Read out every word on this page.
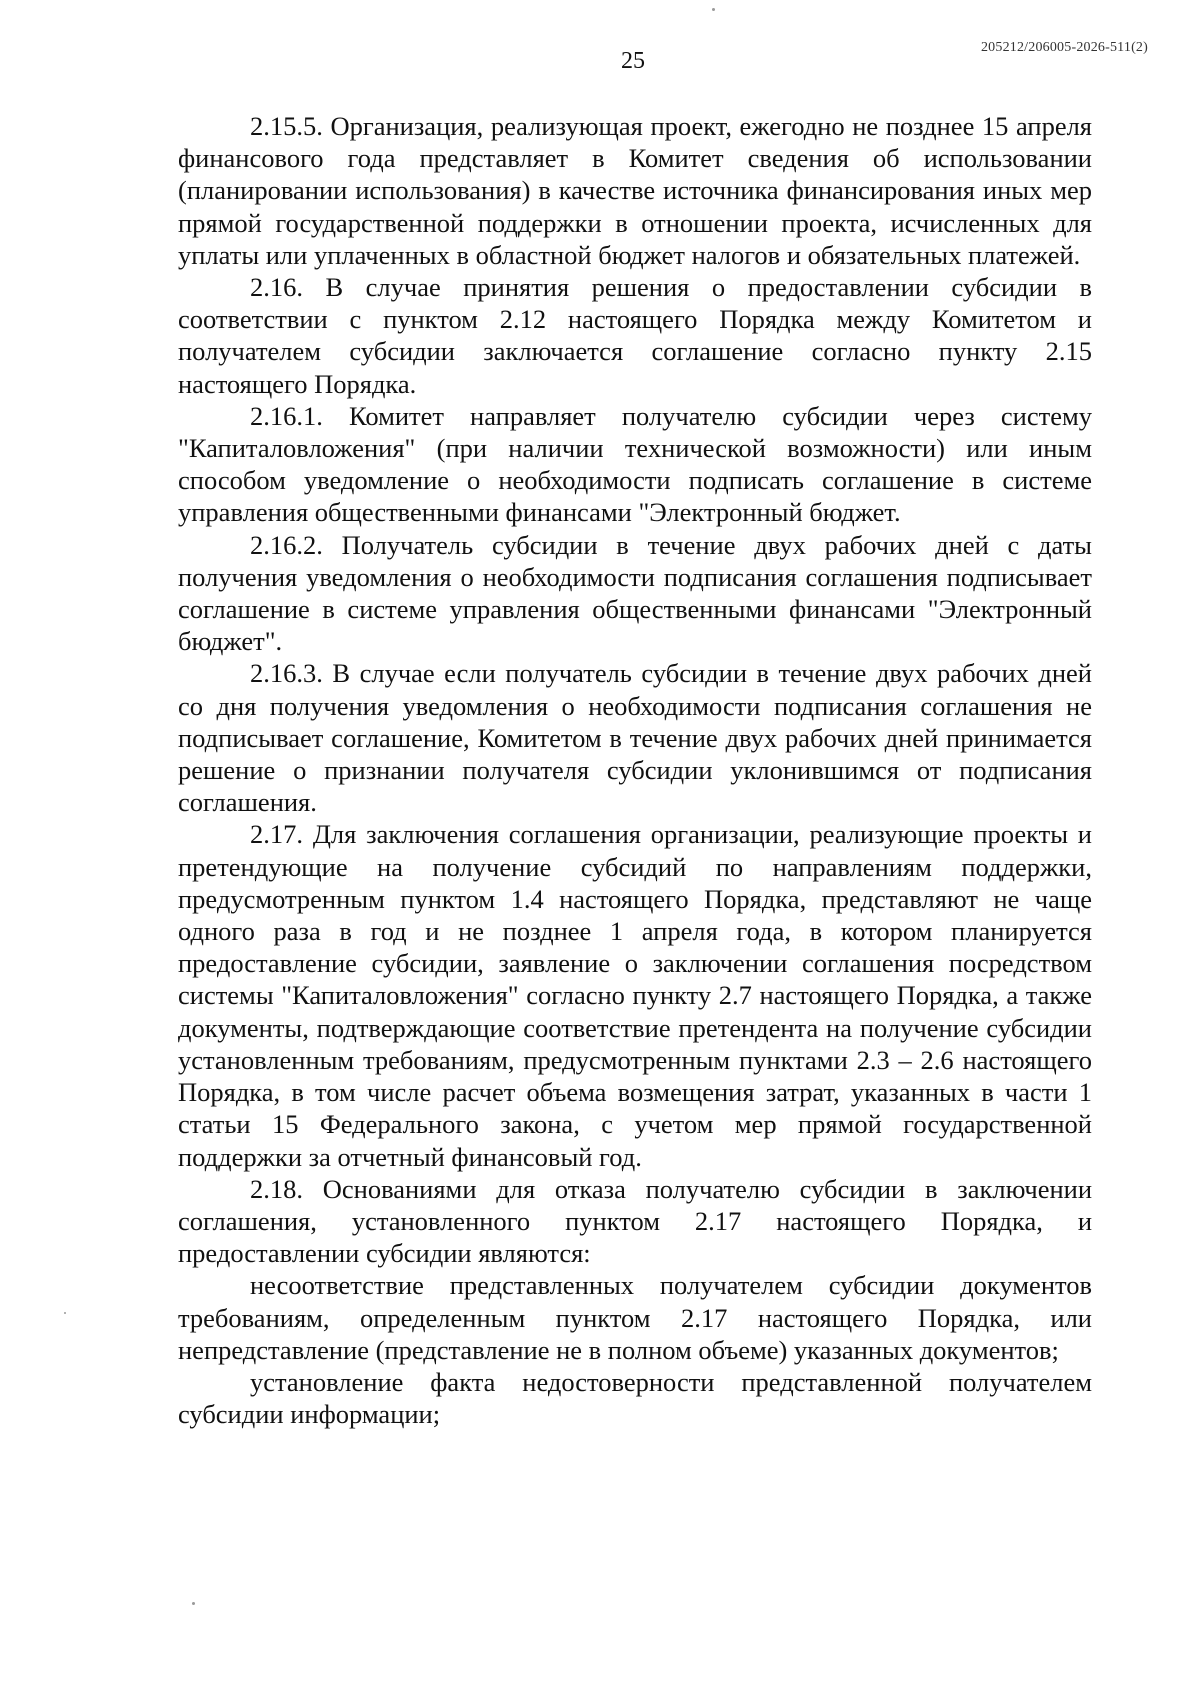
25
205212/206005-2026-511(2)

2.15.5. Организация, реализующая проект, ежегодно не позднее 15 апреля финансового года представляет в Комитет сведения об использовании (планировании использования) в качестве источника финансирования иных мер прямой государственной поддержки в отношении проекта, исчисленных для уплаты или уплаченных в областной бюджет налогов и обязательных платежей.

2.16. В случае принятия решения о предоставлении субсидии в соответствии с пунктом 2.12 настоящего Порядка между Комитетом и получателем субсидии заключается соглашение согласно пункту 2.15 настоящего Порядка.

2.16.1. Комитет направляет получателю субсидии через систему "Капиталовложения" (при наличии технической возможности) или иным способом уведомление о необходимости подписать соглашение в системе управления общественными финансами "Электронный бюджет.

2.16.2. Получатель субсидии в течение двух рабочих дней с даты получения уведомления о необходимости подписания соглашения подписывает соглашение в системе управления общественными финансами "Электронный бюджет".

2.16.3. В случае если получатель субсидии в течение двух рабочих дней со дня получения уведомления о необходимости подписания соглашения не подписывает соглашение, Комитетом в течение двух рабочих дней принимается решение о признании получателя субсидии уклонившимся от подписания соглашения.

2.17. Для заключения соглашения организации, реализующие проекты и претендующие на получение субсидий по направлениям поддержки, предусмотренным пунктом 1.4 настоящего Порядка, представляют не чаще одного раза в год и не позднее 1 апреля года, в котором планируется предоставление субсидии, заявление о заключении соглашения посредством системы "Капиталовложения" согласно пункту 2.7 настоящего Порядка, а также документы, подтверждающие соответствие претендента на получение субсидии установленным требованиям, предусмотренным пунктами 2.3 – 2.6 настоящего Порядка, в том числе расчет объема возмещения затрат, указанных в части 1 статьи 15 Федерального закона, с учетом мер прямой государственной поддержки за отчетный финансовый год.

2.18. Основаниями для отказа получателю субсидии в заключении соглашения, установленного пунктом 2.17 настоящего Порядка, и предоставлении субсидии являются:

несоответствие представленных получателем субсидии документов требованиям, определенным пунктом 2.17 настоящего Порядка, или непредставление (представление не в полном объеме) указанных документов;

установление факта недостоверности представленной получателем субсидии информации;
